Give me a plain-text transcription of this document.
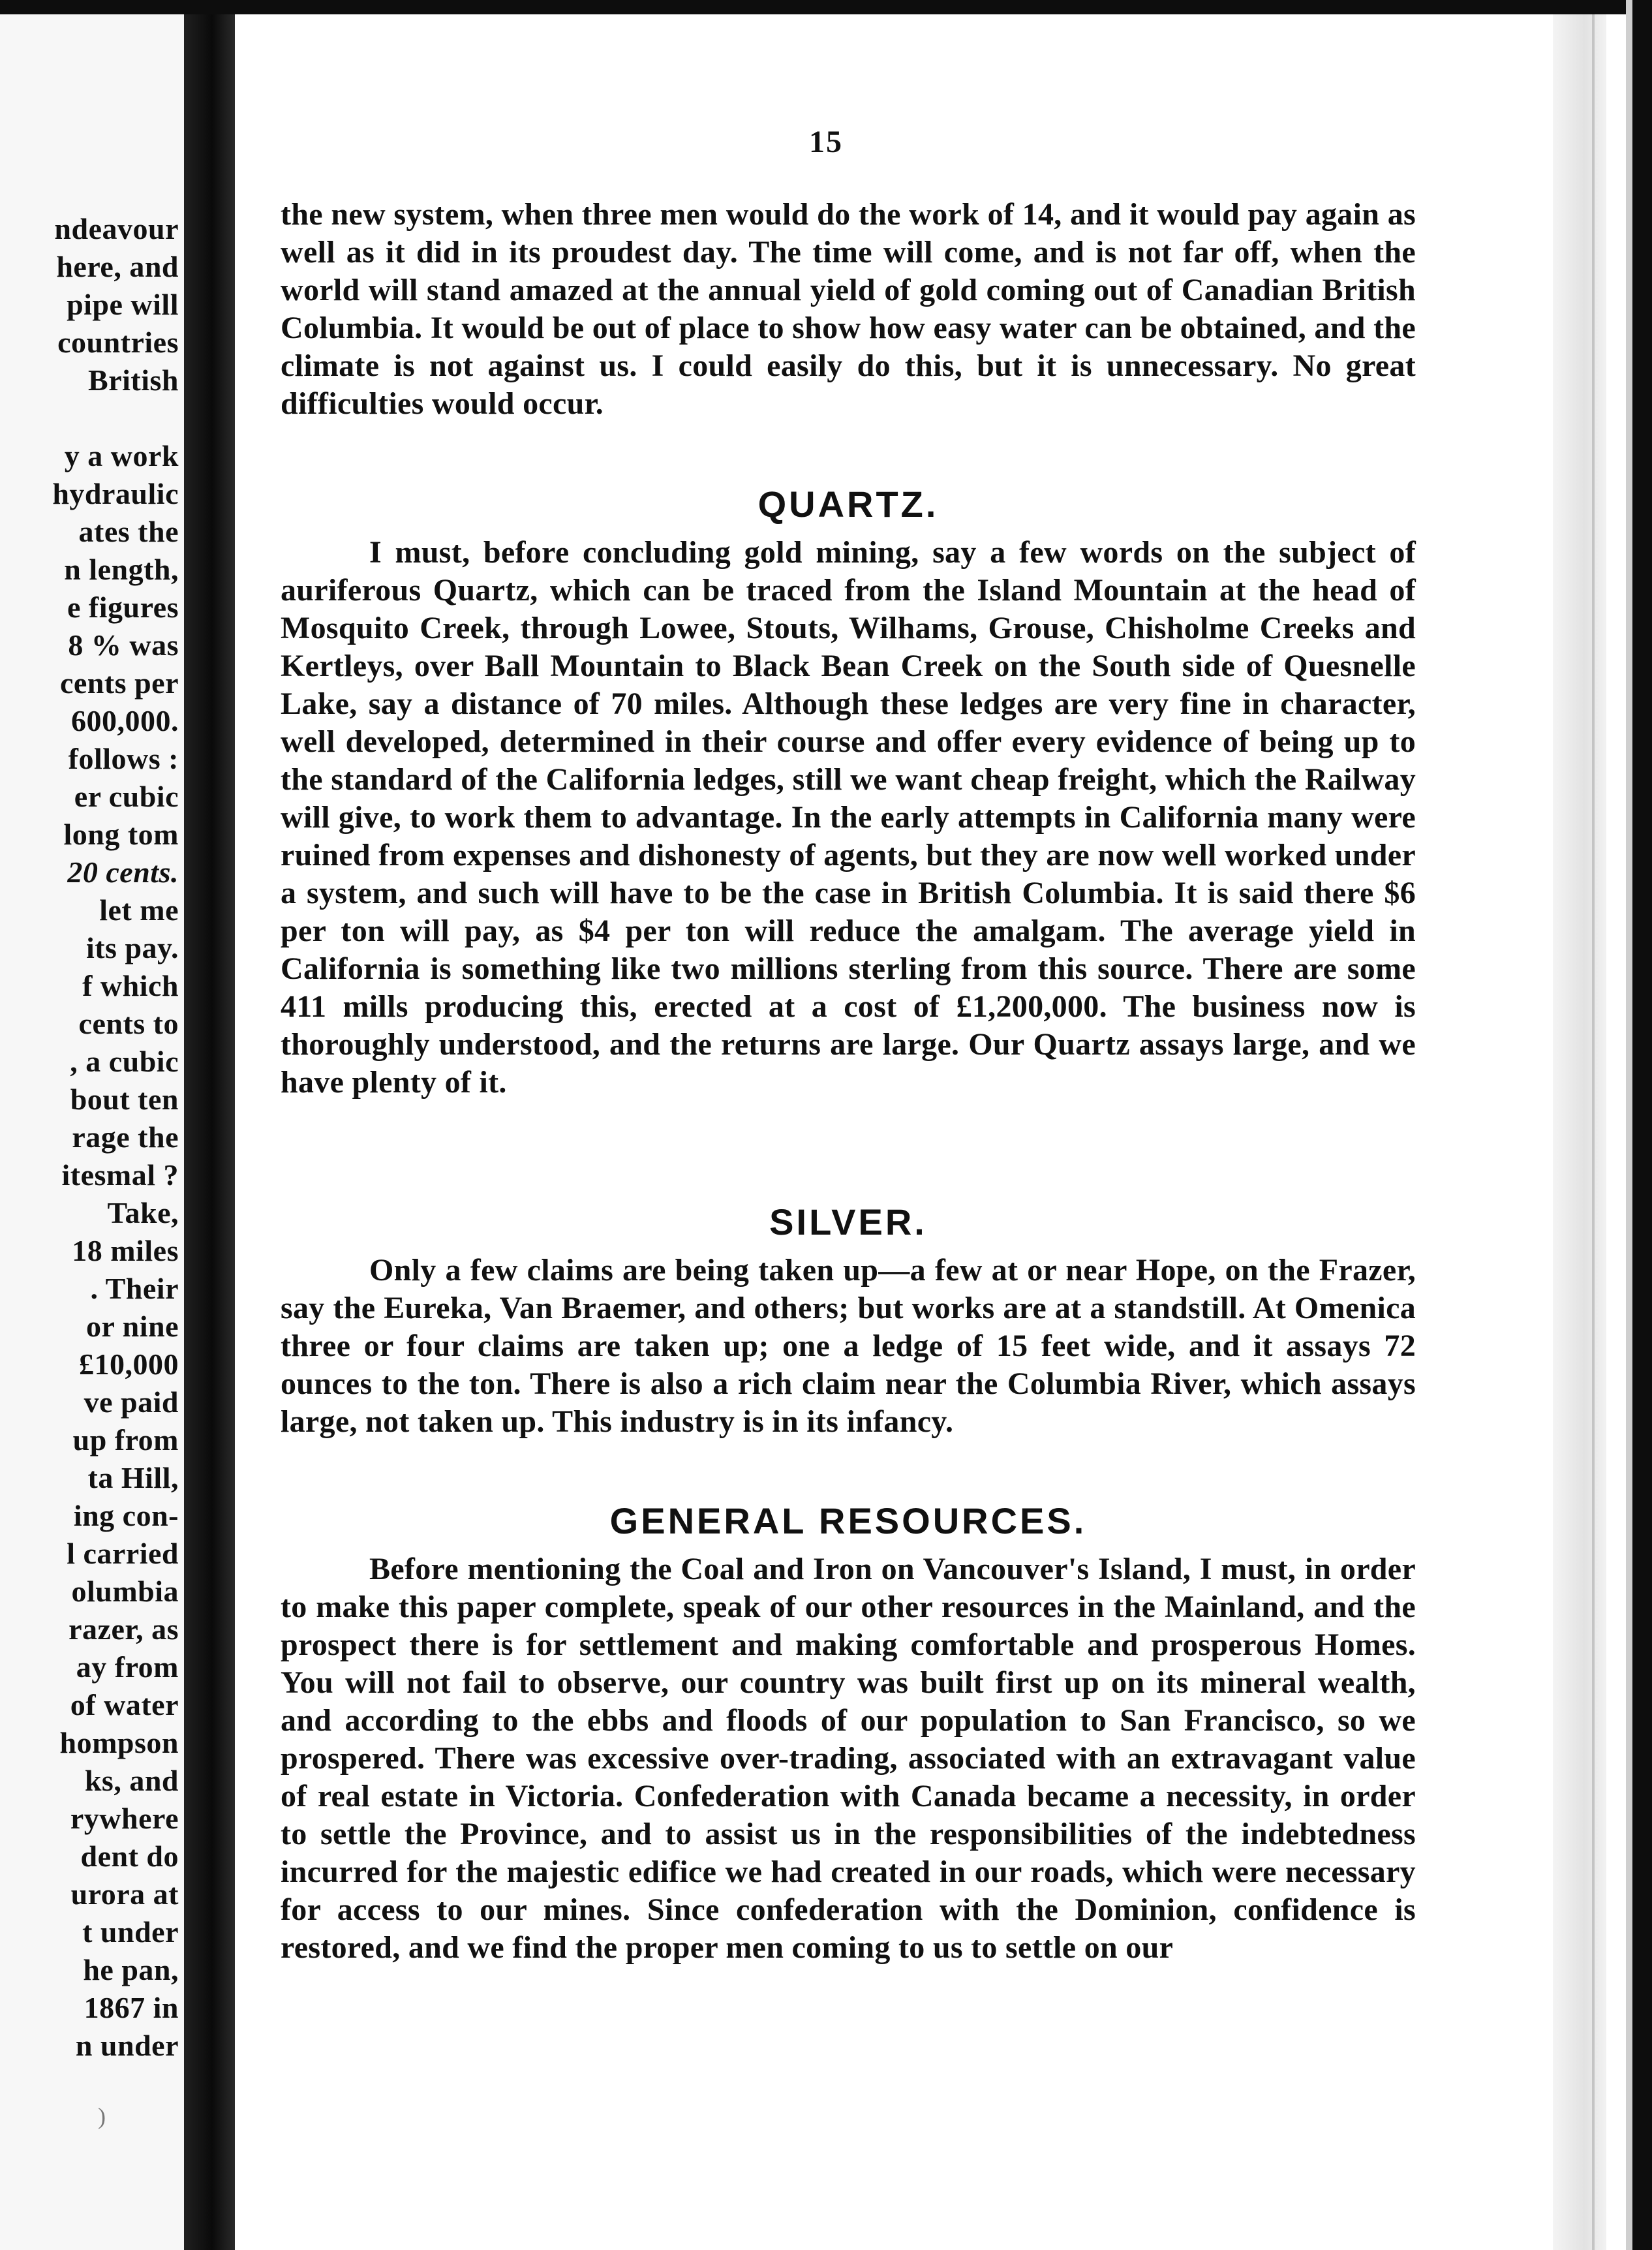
ndeavour
here, and
pipe will
countries
British
y a work
hydraulic
ates the
n length,
e figures
8 % was
cents per
600,000.
follows :
er cubic
long tom
20 cents.
let me
its pay.
f which
cents to
, a cubic
bout ten
rage the
itesmal ?
Take,
18 miles
. Their
or nine
£10,000
ve paid
up from
ta Hill,
ing con-
l carried
olumbia
razer, as
ay from
of water
hompson
ks, and
rywhere
dent do
urora at
t under
he pan,
1867 in
n under
)
15
the new system, when three men would do the work of 14, and it would pay again as well as it did in its proudest day. The time will come, and is not far off, when the world will stand amazed at the annual yield of gold coming out of Canadian British Columbia. It would be out of place to show how easy water can be obtained, and the climate is not against us. I could easily do this, but it is unnecessary. No great difficulties would occur.
QUARTZ.
I must, before concluding gold mining, say a few words on the subject of auriferous Quartz, which can be traced from the Island Mountain at the head of Mosquito Creek, through Lowee, Stouts, Wilhams, Grouse, Chisholme Creeks and Kertleys, over Ball Mountain to Black Bean Creek on the South side of Quesnelle Lake, say a distance of 70 miles. Although these ledges are very fine in character, well developed, determined in their course and offer every evidence of being up to the standard of the California ledges, still we want cheap freight, which the Railway will give, to work them to advantage. In the early attempts in California many were ruined from expenses and dishonesty of agents, but they are now well worked under a system, and such will have to be the case in British Columbia. It is said there $6 per ton will pay, as $4 per ton will reduce the amalgam. The average yield in California is something like two millions sterling from this source. There are some 411 mills producing this, erected at a cost of £1,200,000. The business now is thoroughly understood, and the returns are large. Our Quartz assays large, and we have plenty of it.
SILVER.
Only a few claims are being taken up—a few at or near Hope, on the Frazer, say the Eureka, Van Braemer, and others; but works are at a standstill. At Omenica three or four claims are taken up; one a ledge of 15 feet wide, and it assays 72 ounces to the ton. There is also a rich claim near the Columbia River, which assays large, not taken up. This industry is in its infancy.
GENERAL RESOURCES.
Before mentioning the Coal and Iron on Vancouver's Island, I must, in order to make this paper complete, speak of our other resources in the Mainland, and the prospect there is for settlement and making comfortable and prosperous Homes. You will not fail to observe, our country was built first up on its mineral wealth, and according to the ebbs and floods of our population to San Francisco, so we prospered. There was excessive over-trading, associated with an extravagant value of real estate in Victoria. Confederation with Canada became a necessity, in order to settle the Province, and to assist us in the responsibilities of the indebtedness incurred for the majestic edifice we had created in our roads, which were necessary for access to our mines. Since confederation with the Dominion, confidence is restored, and we find the proper men coming to us to settle on our
